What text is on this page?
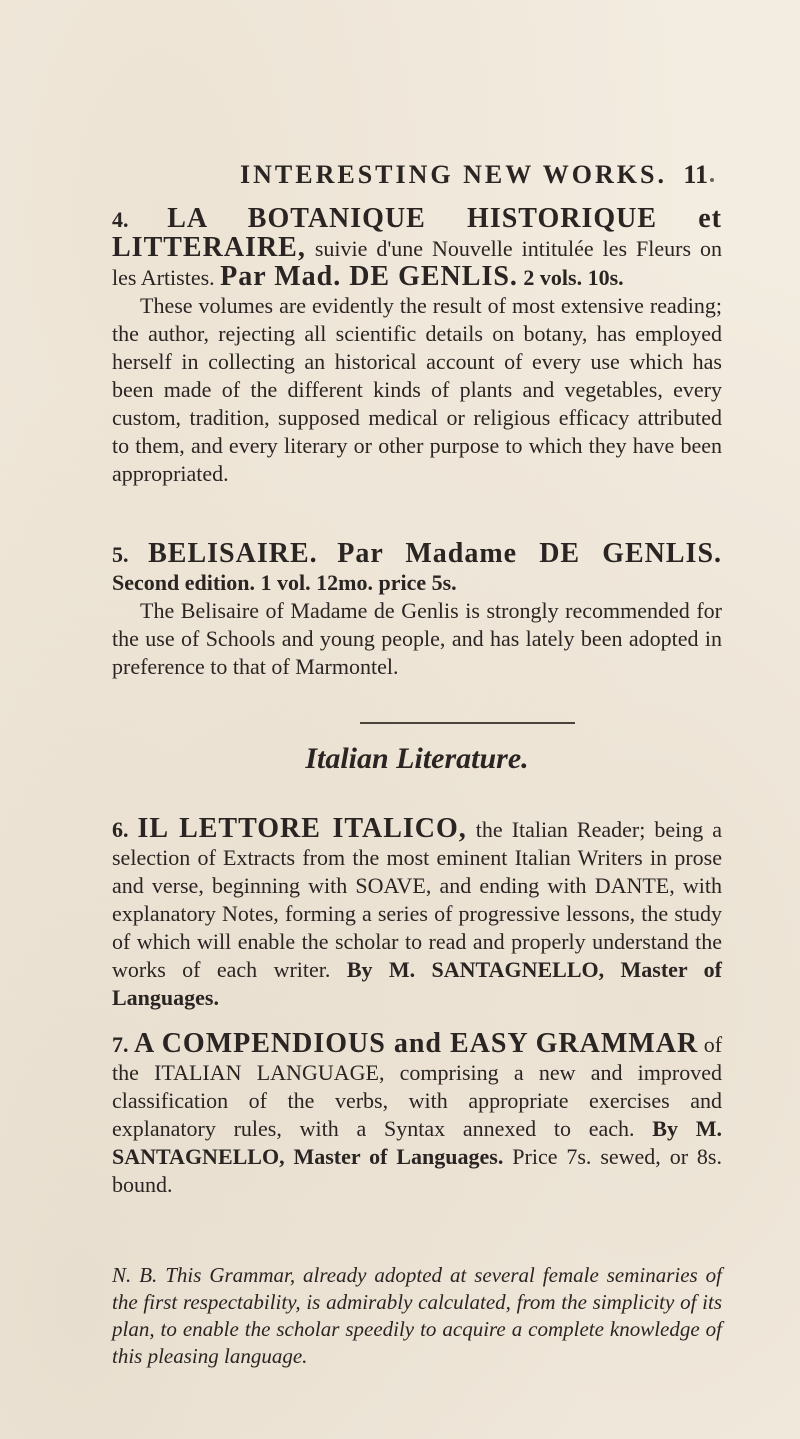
INTERESTING NEW WORKS. 11

4. LA BOTANIQUE HISTORIQUE et LITTERAIRE, suivie d'une Nouvelle intitulée les Fleurs on les Artistes. Par Mad. DE GENLIS. 2 vols. 10s.

These volumes are evidently the result of most extensive reading; the author, rejecting all scientific details on botany, has employed herself in collecting an historical account of every use which has been made of the different kinds of plants and vegetables, every custom, tradition, supposed medical or religious efficacy attributed to them, and every literary or other purpose to which they have been appropriated.

5. BELISAIRE. Par Madame DE GENLIS. Second edition. 1 vol. 12mo. price 5s.

The Belisaire of Madame de Genlis is strongly recommended for the use of Schools and young people, and has lately been adopted in preference to that of Marmontel.

Italian Literature.

6. IL LETTORE ITALICO, the Italian Reader; being a selection of Extracts from the most eminent Italian Writers in prose and verse, beginning with SOAVE, and ending with DANTE, with explanatory Notes, forming a series of progressive lessons, the study of which will enable the scholar to read and properly understand the works of each writer. By M. SANTAGNELLO, Master of Languages.

7. A COMPENDIOUS and EASY GRAMMAR of the ITALIAN LANGUAGE, comprising a new and improved classification of the verbs, with appropriate exercises and explanatory rules, with a Syntax annexed to each. By M. SANTAGNELLO, Master of Languages. Price 7s. sewed, or 8s. bound.

N. B. This Grammar, already adopted at several female seminaries of the first respectability, is admirably calculated, from the simplicity of its plan, to enable the scholar speedily to acquire a complete knowledge of this pleasing language.
